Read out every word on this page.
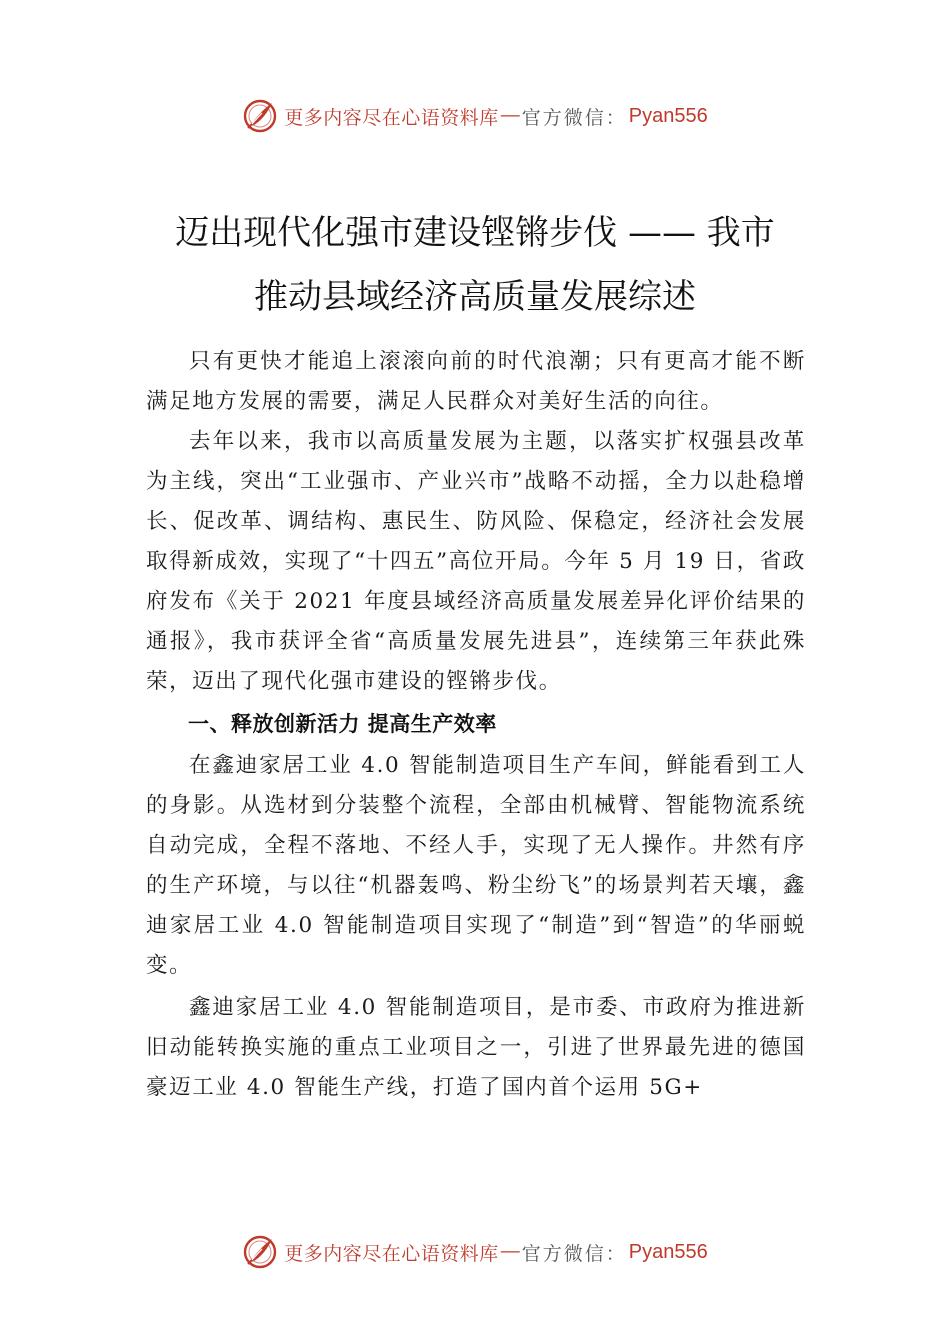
更多内容尽在心语资料库 — 官方微信： Pyan556
迈出现代化强市建设铿锵步伐 —— 我市
推动县域经济高质量发展综述

只有更快才能追上滚滚向前的时代浪潮；只有更高才能不断满足地方发展的需要，满足人民群众对美好生活的向往。

去年以来，我市以高质量发展为主题，以落实扩权强县改革为主线，突出“工业强市、产业兴市”战略不动摇，全力以赴稳增长、促改革、调结构、惠民生、防风险、保稳定，经济社会发展取得新成效，实现了“十四五”高位开局。今年 5 月 19 日，省政府发布《关于 2021 年度县域经济高质量发展差异化评价结果的通报》，我市获评全省“高质量发展先进县”，连续第三年获此殊荣，迈出了现代化强市建设的铿锵步伐。

一、释放创新活力 提高生产效率

在鑫迪家居工业 4.0 智能制造项目生产车间，鲜能看到工人的身影。从选材到分装整个流程，全部由机械臂、智能物流系统自动完成，全程不落地、不经人手，实现了无人操作。井然有序的生产环境，与以往“机器轰鸣、粉尘纷飞”的场景判若天壤，鑫迪家居工业 4.0 智能制造项目实现了“制造”到“智造”的华丽蜕变。

鑫迪家居工业 4.0 智能制造项目，是市委、市政府为推进新旧动能转换实施的重点工业项目之一，引进了世界最先进的德国豪迈工业 4.0 智能生产线，打造了国内首个运用 5G+

更多内容尽在心语资料库 — 官方微信： Pyan556
